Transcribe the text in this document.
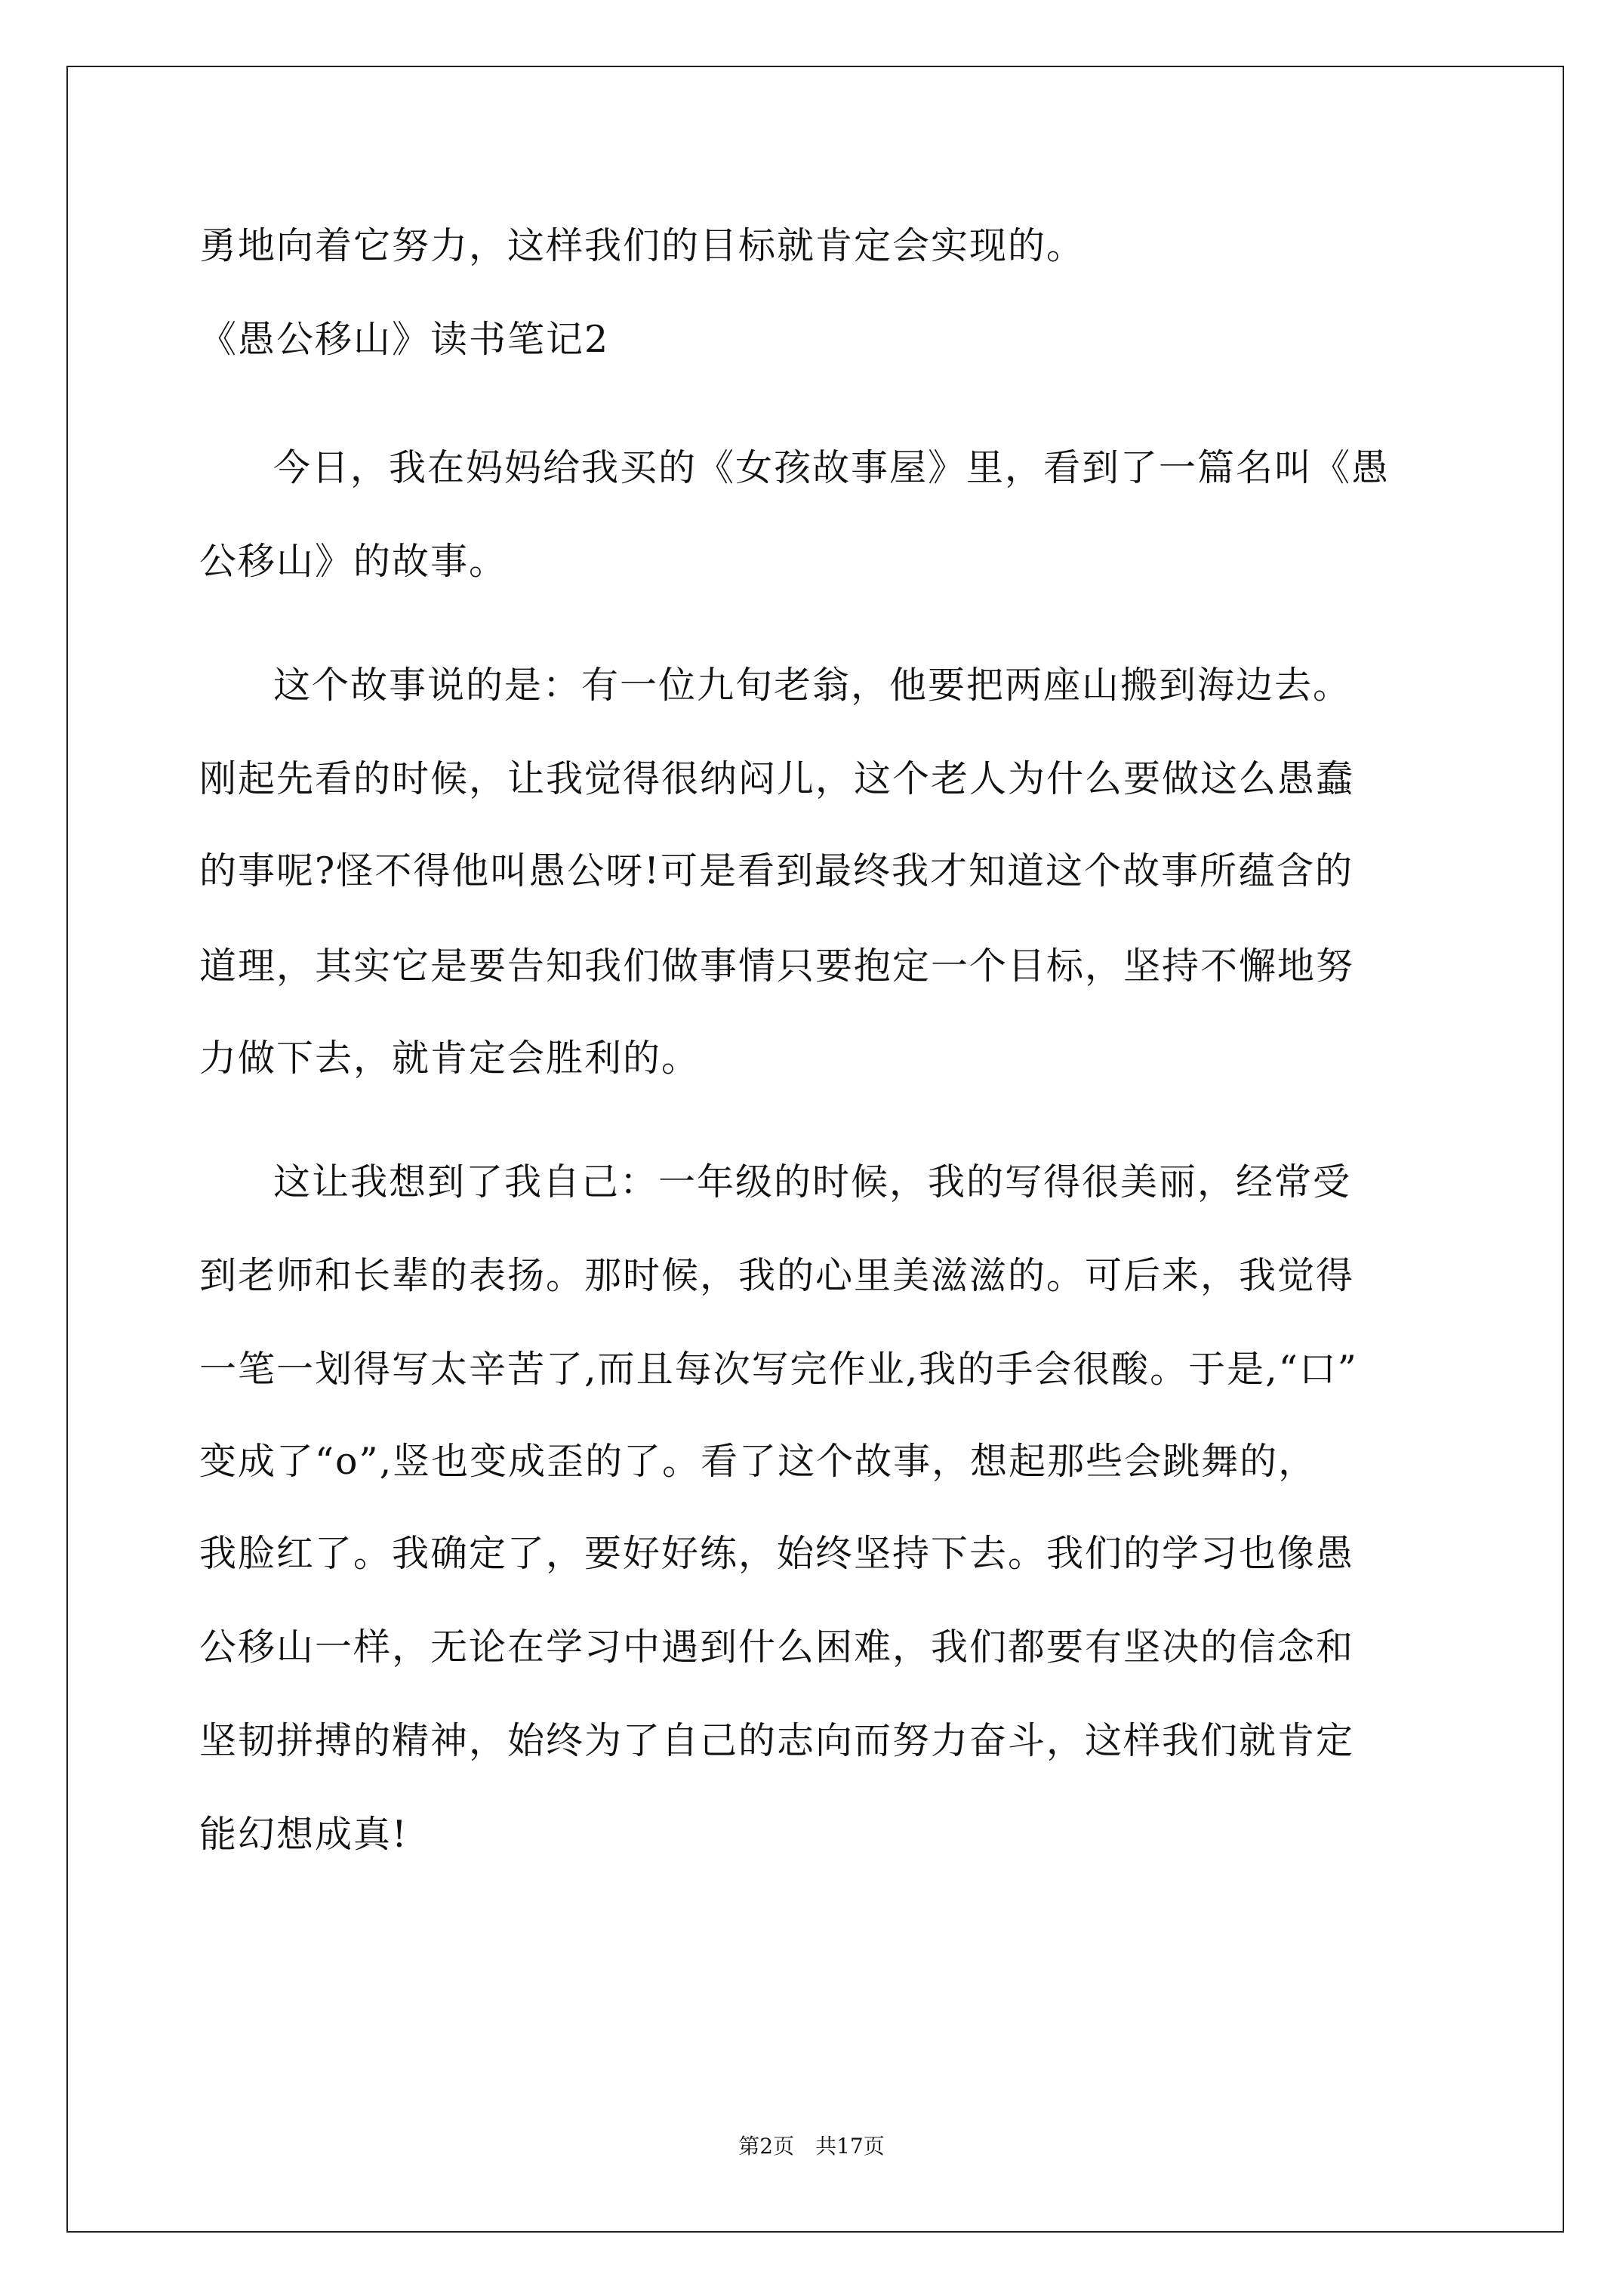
勇地向着它努力，这样我们的目标就肯定会实现的。
《愚公移山》读书笔记2
今日，我在妈妈给我买的《女孩故事屋》里，看到了一篇名叫《愚
公移山》的故事。
这个故事说的是：有一位九旬老翁，他要把两座山搬到海边去。
刚起先看的时候，让我觉得很纳闷儿，这个老人为什么要做这么愚蠢
的事呢?怪不得他叫愚公呀!可是看到最终我才知道这个故事所蕴含的
道理，其实它是要告知我们做事情只要抱定一个目标，坚持不懈地努
力做下去，就肯定会胜利的。
这让我想到了我自己：一年级的时候，我的写得很美丽，经常受
到老师和长辈的表扬。那时候，我的心里美滋滋的。可后来，我觉得
一笔一划得写太辛苦了,而且每次写完作业,我的手会很酸。于是,“口”
变成了“o”,竖也变成歪的了。看了这个故事，想起那些会跳舞的，
我脸红了。我确定了，要好好练，始终坚持下去。我们的学习也像愚
公移山一样，无论在学习中遇到什么困难，我们都要有坚决的信念和
坚韧拼搏的精神，始终为了自己的志向而努力奋斗，这样我们就肯定
能幻想成真!
第2页　共17页
